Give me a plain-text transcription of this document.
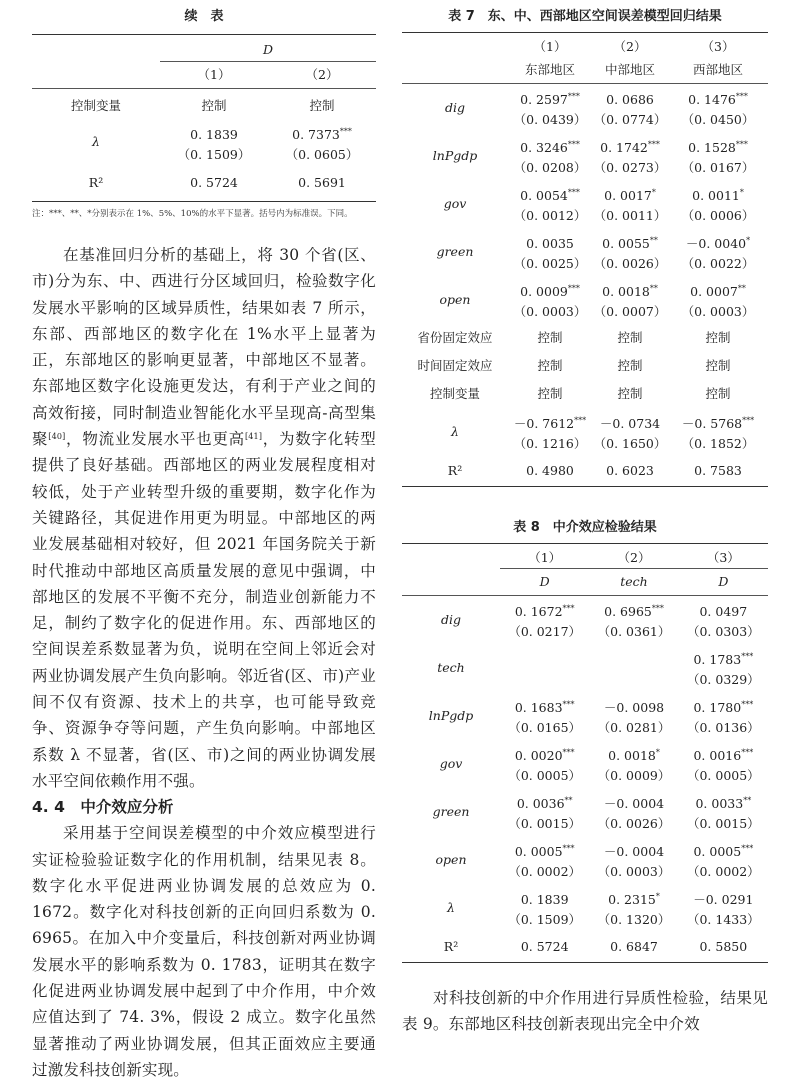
续　表
	D	
	（1）	（2）
控制变量	控制	控制
λ	0. 1839	0. 7373***
	（0. 1509）	（0. 0605）
R²	0. 5724	0. 5691
注：***、**、*分别表示在 1%、5%、10%的水平下显著。括号内为标准误。下同。

在基准回归分析的基础上，将 30 个省(区、市)分为东、中、西进行分区域回归，检验数字化发展水平影响的区域异质性，结果如表 7 所示，东部、西部地区的数字化在 1%水平上显著为正，东部地区的影响更显著，中部地区不显著。东部地区数字化设施更发达，有利于产业之间的高效衔接，同时制造业智能化水平呈现高-高型集聚[40]，物流业发展水平也更高[41]，为数字化转型提供了良好基础。西部地区的两业发展程度相对较低，处于产业转型升级的重要期，数字化作为关键路径，其促进作用更为明显。中部地区的两业发展基础相对较好，但 2021 年国务院关于新时代推动中部地区高质量发展的意见中强调，中部地区的发展不平衡不充分，制造业创新能力不足，制约了数字化的促进作用。东、西部地区的空间误差系数显著为负，说明在空间上邻近会对两业协调发展产生负向影响。邻近省(区、市)产业间不仅有资源、技术上的共享，也可能导致竞争、资源争夺等问题，产生负向影响。中部地区系数 λ 不显著，省(区、市)之间的两业协调发展水平空间依赖作用不强。

4. 4　中介效应分析

采用基于空间误差模型的中介效应模型进行实证检验验证数字化的作用机制，结果见表 8。数字化水平促进两业协调发展的总效应为 0. 1672。数字化对科技创新的正向回归系数为 0. 6965。在加入中介变量后，科技创新对两业协调发展水平的影响系数为 0. 1783，证明其在数字化促进两业协调发展中起到了中介作用，中介效应值达到了 74. 3%，假设 2 成立。数字化虽然显著推动了两业协调发展，但其正面效应主要通过激发科技创新实现。

表 7　东、中、西部地区空间误差模型回归结果
	（1）	（2）	（3）
	东部地区	中部地区	西部地区
dig	0. 2597***	0. 0686	0. 1476***
	（0. 0439）	（0. 0774）	（0. 0450）
lnPgdp	0. 3246***	0. 1742***	0. 1528***
	（0. 0208）	（0. 0273）	（0. 0167）
gov	0. 0054***	0. 0017*	0. 0011*
	（0. 0012）	（0. 0011）	（0. 0006）
green	0. 0035	0. 0055**	－0. 0040*
	（0. 0025）	（0. 0026）	（0. 0022）
open	0. 0009***	0. 0018**	0. 0007**
	（0. 0003）	（0. 0007）	（0. 0003）
省份固定效应	控制	控制	控制
时间固定效应	控制	控制	控制
控制变量	控制	控制	控制
λ	－0. 7612***	－0. 0734	－0. 5768***
	（0. 1216）	（0. 1650）	（0. 1852）
R²	0. 4980	0. 6023	0. 7583
表 8　中介效应检验结果
	（1）	（2）	（3）
	D	tech	D
dig	0. 1672***	0. 6965***	0. 0497
	（0. 0217）	（0. 0361）	（0. 0303）
tech			0. 1783***
			（0. 0329）
lnPgdp	0. 1683***	－0. 0098	0. 1780***
	（0. 0165）	（0. 0281）	（0. 0136）
gov	0. 0020***	0. 0018*	0. 0016***
	（0. 0005）	（0. 0009）	（0. 0005）
green	0. 0036**	－0. 0004	0. 0033**
	（0. 0015）	（0. 0026）	（0. 0015）
open	0. 0005***	－0. 0004	0. 0005***
	（0. 0002）	（0. 0003）	（0. 0002）
λ	0. 1839	0. 2315*	－0. 0291
	（0. 1509）	（0. 1320）	（0. 1433）
R²	0. 5724	0. 6847	0. 5850

对科技创新的中介作用进行异质性检验，结果见表 9。东部地区科技创新表现出完全中介效
